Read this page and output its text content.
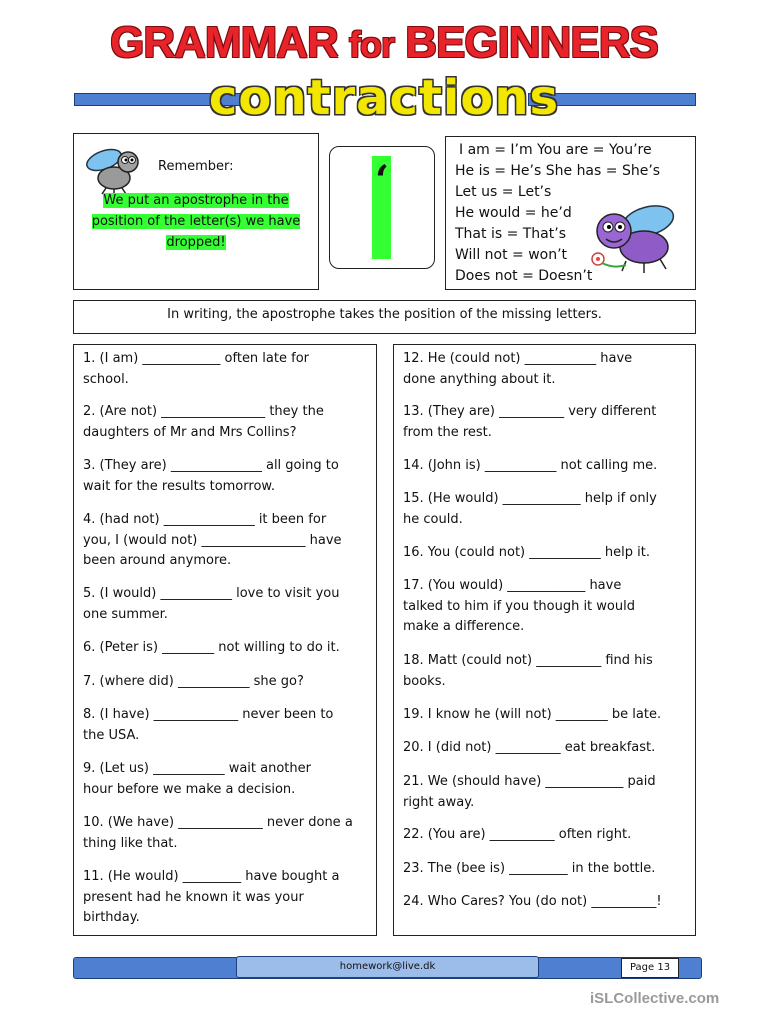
GRAMMAR for BEGINNERS
contractions
Remember:
We put an apostrophe in the
position of the letter(s) we have
dropped!
‘
I am = I’m You are = You’re
He is = He’s She has = She’s
Let us = Let’s
He would = he’d
That is = That’s
Will not = won’t
Does not = Doesn’t
In writing, the apostrophe takes the position of the missing letters.
1. (I am) ____________ often late for
school.
2. (Are not) ________________ they the
daughters of Mr and Mrs Collins?
3. (They are) ______________ all going to
wait for the results tomorrow.
4. (had not) ______________ it been for
you, I (would not) ________________ have
been around anymore.
5. (I would) ___________ love to visit you
one summer.
6. (Peter is) ________ not willing to do it.
7. (where did) ___________ she go?
8. (I have) _____________ never been to
the USA.
9. (Let us) ___________ wait another
hour before we make a decision.
10. (We have) _____________ never done a
thing like that.
11. (He would) _________ have bought a
present had he known it was your
birthday.
12. He (could not) ___________ have
done anything about it.
13. (They are) __________ very different
from the rest.
14. (John is) ___________ not calling me.
15. (He would) ____________ help if only
he could.
16. You (could not) ___________ help it.
17. (You would) ____________ have
talked to him if you though it would
make a difference.
18. Matt (could not) __________ find his
books.
19. I know he (will not) ________ be late.
20. I (did not) __________ eat breakfast.
21. We (should have) ____________ paid
right away.
22. (You are) __________ often right.
23. The (bee is) _________ in the bottle.
24. Who Cares? You (do not) __________!
homework@live.dk	Page 13
iSLCollective.com
